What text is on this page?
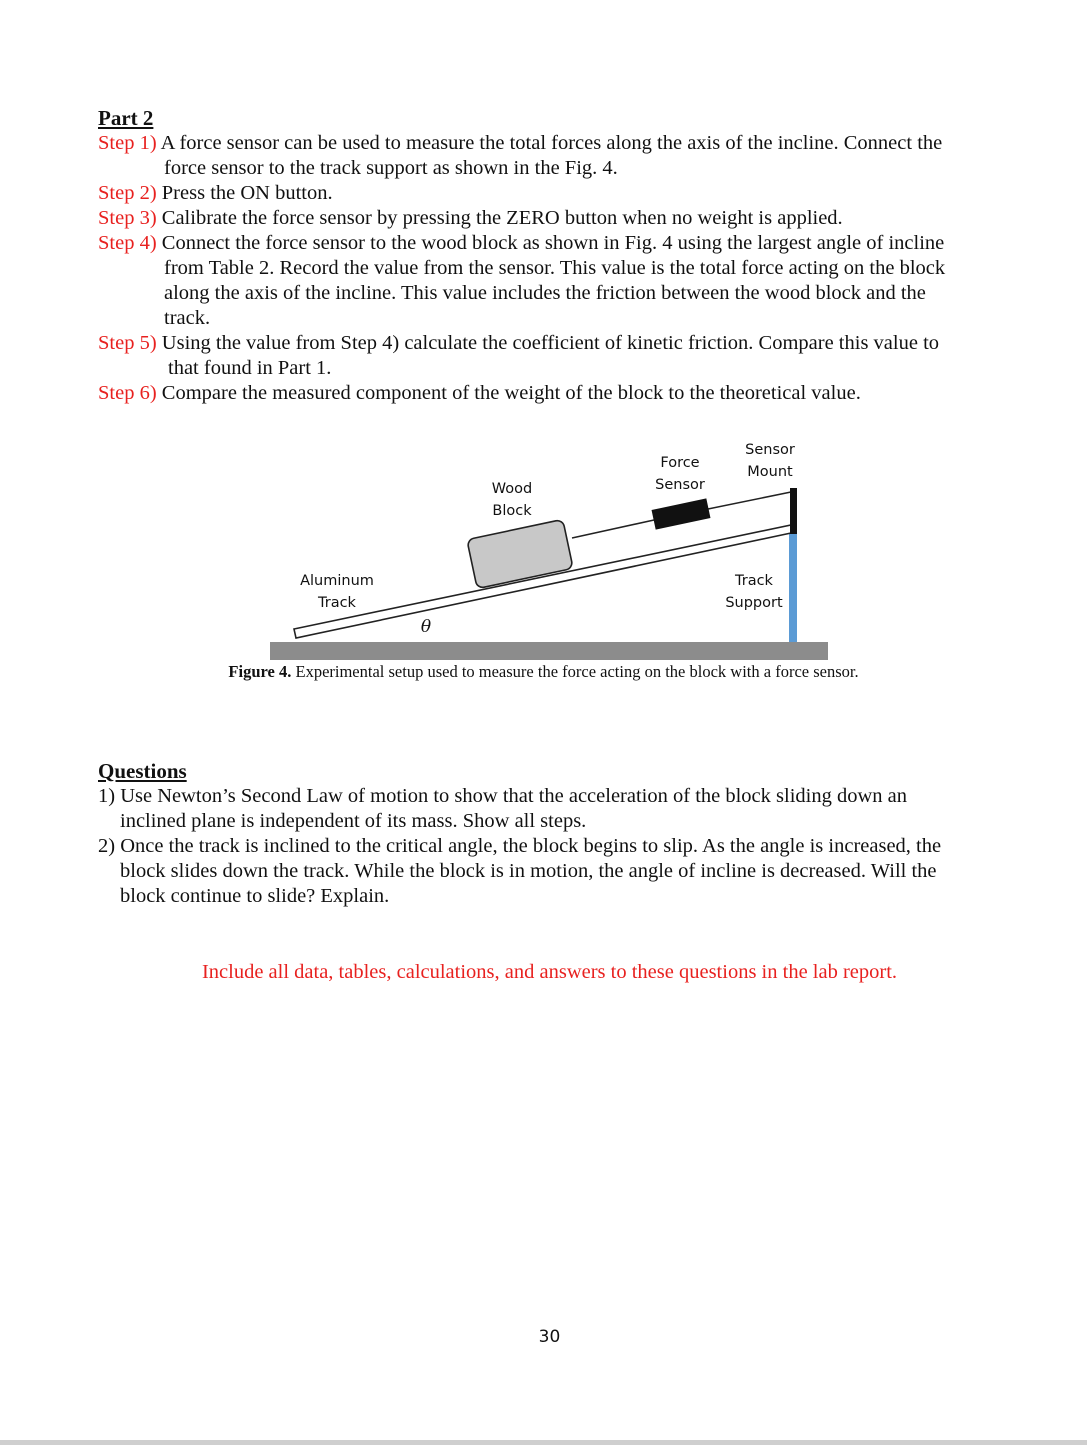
Part 2
Step 1) A force sensor can be used to measure the total forces along the axis of the incline. Connect the
force sensor to the track support as shown in the Fig. 4.
Step 2) Press the ON button.
Step 3) Calibrate the force sensor by pressing the ZERO button when no weight is applied.
Step 4) Connect the force sensor to the wood block as shown in Fig. 4 using the largest angle of incline
from Table 2. Record the value from the sensor. This value is the total force acting on the block
along the axis of the incline. This value includes the friction between the wood block and the
track.
Step 5) Using the value from Step 4) calculate the coefficient of kinetic friction. Compare this value to
that found in Part 1.
Step 6) Compare the measured component of the weight of the block to the theoretical value.
Wood
Block
Force
Sensor
Sensor
Mount
Aluminum
Track
Track
Support
θ
Figure 4. Experimental setup used to measure the force acting on the block with a force sensor.
Questions
1) Use Newton’s Second Law of motion to show that the acceleration of the block sliding down an
inclined plane is independent of its mass. Show all steps.
2) Once the track is inclined to the critical angle, the block begins to slip. As the angle is increased, the
block slides down the track. While the block is in motion, the angle of incline is decreased. Will the
block continue to slide? Explain.
Include all data, tables, calculations, and answers to these questions in the lab report.
30
